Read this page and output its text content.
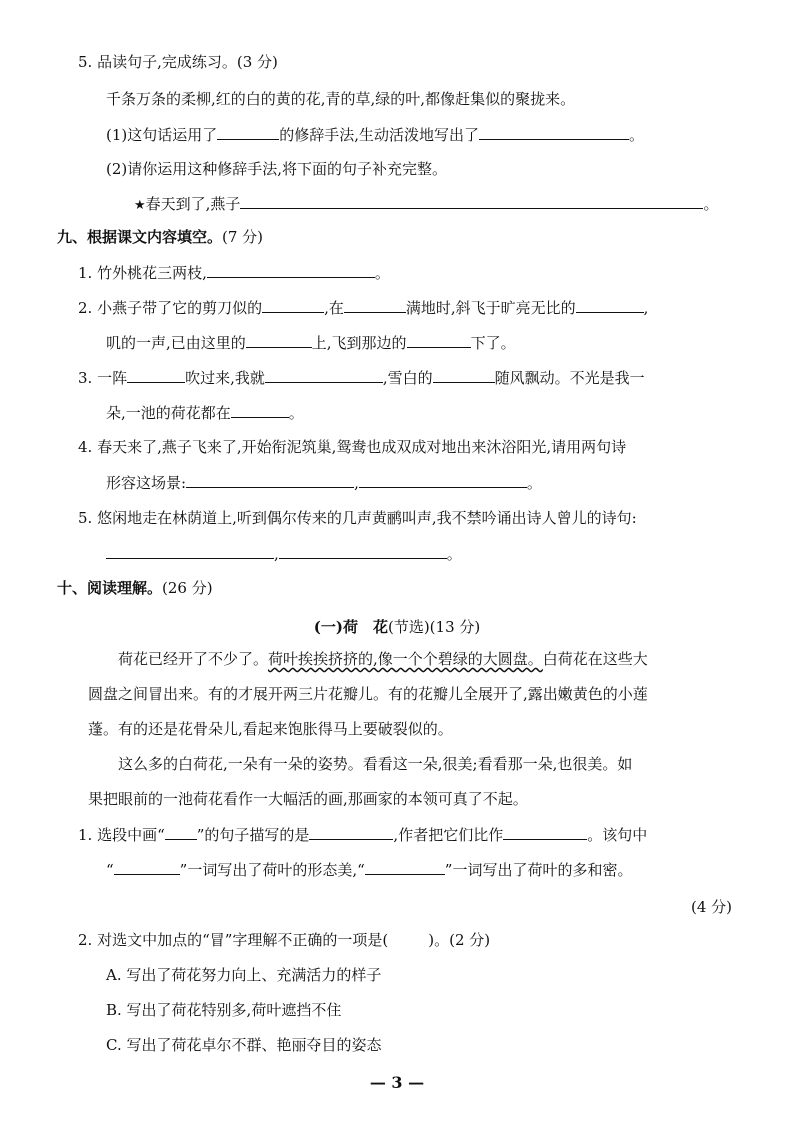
5. 品读句子,完成练习。(3 分)
千条万条的柔柳,红的白的黄的花,青的草,绿的叶,都像赶集似的聚拢来。
(1)这句话运用了	的修辞手法,生动活泼地写出了	。
(2)请你运用这种修辞手法,将下面的句子补充完整。
★春天到了,燕子	。
九、根据课文内容填空。(7 分)
1. 竹外桃花三两枝,	。
2. 小燕子带了它的剪刀似的	,在	满地时,斜飞于旷亮无比的	,
叽的一声,已由这里的	上,飞到那边的	下了。
3. 一阵	吹过来,我就	,雪白的	随风飘动。不光是我一
朵,一池的荷花都在	。
4. 春天来了,燕子飞来了,开始衔泥筑巢,鸳鸯也成双成对地出来沐浴阳光,请用两句诗
形容这场景:	,	。
5. 悠闲地走在林荫道上,听到偶尔传来的几声黄鹂叫声,我不禁吟诵出诗人曾儿的诗句:
,	。
十、阅读理解。(26 分)
(一)荷　花(节选)(13 分)
荷花已经开了不少了。荷叶挨挨挤挤的,像一个个碧绿的大圆盘。白荷花在这些大
圆盘之间冒出来。有的才展开两三片花瓣儿。有的花瓣儿全展开了,露出嫩黄色的小莲
蓬。有的还是花骨朵儿,看起来饱胀得马上要破裂似的。
这么多的白荷花,一朵有一朵的姿势。看看这一朵,很美;看看那一朵,也很美。如
果把眼前的一池荷花看作一大幅活的画,那画家的本领可真了不起。
1. 选段中画“ ”的句子描写的是	,作者把它们比作	。该句中
“	”一词写出了荷叶的形态美,“	”一词写出了荷叶的多和密。
(4 分)
2. 对选文中加点的“冒”字理解不正确的一项是(	)。(2 分)
A. 写出了荷花努力向上、充满活力的样子
B. 写出了荷花特别多,荷叶遮挡不住
C. 写出了荷花卓尔不群、艳丽夺目的姿态
— 3 —
